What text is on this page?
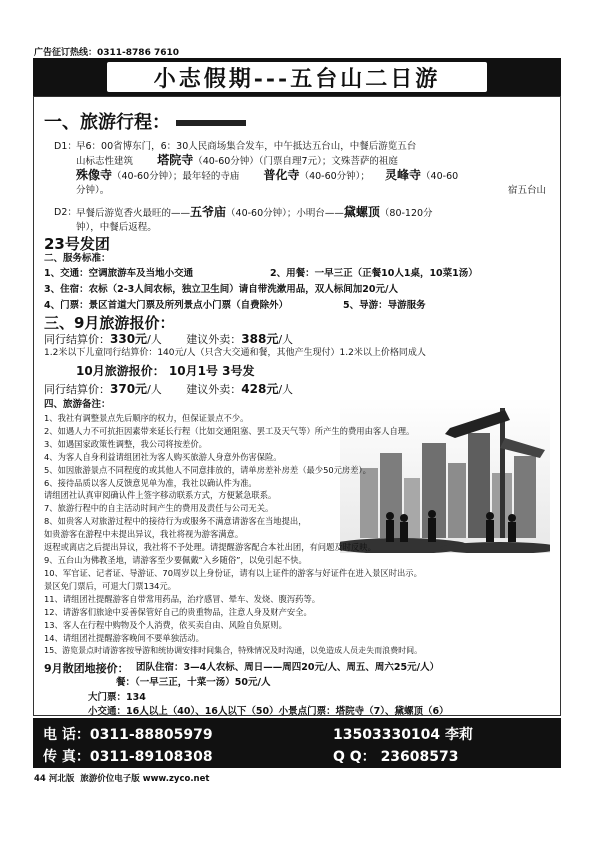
广告征订热线：0311-8786 7610
小志假期---五台山二日游
一、旅游行程：
D1： 早6：00省博东门，6：30人民商场集合发车，中午抵达五台山，中餐后游览五台
山标志性建筑 塔院寺（40-60分钟）（门票自理7元）；文殊菩萨的祖庭
殊像寺（40-60分钟）；最年轻的寺庙 普化寺（40-60分钟）； 灵峰寺（40-60
分钟）。	宿五台山
D2： 早餐后游览香火最旺的——五爷庙（40-60分钟）；小明台——黛螺顶（80-120分
钟），中餐后返程。
23号发团
二、服务标准：
1、交通：空调旅游车及当地小交通	2、用餐：一早三正（正餐10人1桌，10菜1汤）
3、住宿：农标（2-3人间农标，独立卫生间）请自带洗漱用品，双人标间加20元/人
4、门票：景区首道大门票及所列景点小门票（自费除外）	5、导游：导游服务
三、9月旅游报价：
同行结算价：330元/人 建议外卖：388元/人
1.2米以下儿童同行结算价：140元/人（只含大交通和餐，其他产生现付）1.2米以上价格同成人
10月旅游报价： 10月1号 3号发
同行结算价：370元/人 建议外卖：428元/人
四、旅游备注：
1、我社有调整景点先后顺序的权力，但保证景点不少。
2、如遇人力不可抗拒因素带来延长行程（比如交通阻塞、罢工及天气等）所产生的费用由客人自理。
3、如遇国家政策性调整，我公司将按差价。
4、为客人自身利益请组团社为客人购买旅游人身意外伤害保险。
5、如因旅游景点不同程度的或其他人不同意排放的，请单房差补房差（最少50元房差）。
6、接待品质以客人反馈意见单为准，我社以确认件为准。
请组团社认真审阅确认件上签字移动联系方式，方便紧急联系。
7、旅游行程中的自主活动时间产生的费用及责任与公司无关。
8、如贵客人对旅游过程中的接待行为或服务不满意请游客在当地提出，
如贵游客在游程中未提出异议，我社将视为游客满意。
返程或离店之后提出异议，我社将不予处理。请提醒游客配合本社出团，有问题及时反映。
9、五台山为佛教圣地，请游客至少要佩戴“入乡随俗”，以免引起不快。
10、军官证、记者证、导游证、70周岁以上身份证，请有以上证件的游客与好证件在进入景区时出示。
景区免门票后，可退大门票134元。
11、请组团社提醒游客自带常用药品，治疗感冒、晕车、发烧、腹泻药等。
12、请游客们旅途中妥善保管好自己的贵重物品，注意人身及财产安全。
13、客人在行程中购物及个人消费，依买卖自由、风险自负原则。
14、请组团社提醒游客晚间不要单独活动。
15、游览景点时请游客按导游和统协调安排时间集合，特殊情况及时沟通，以免造成人员走失而浪费时间。
9月散团地接价： 团队住宿：3—4人农标、周日——周四20元/人、周五、周六25元/人）
餐：（一早三正，十菜一汤）50元/人
大门票：134
小交通：16人以上（40）、16人以下（50）小景点门票：塔院寺（7）、黛螺顶（6）
电 话：0311-88805979	13503330104 李莉
传 真：0311-89108308	Q Q： 23608573
44 河北版 旅游价位电子版 www.zyco.net
